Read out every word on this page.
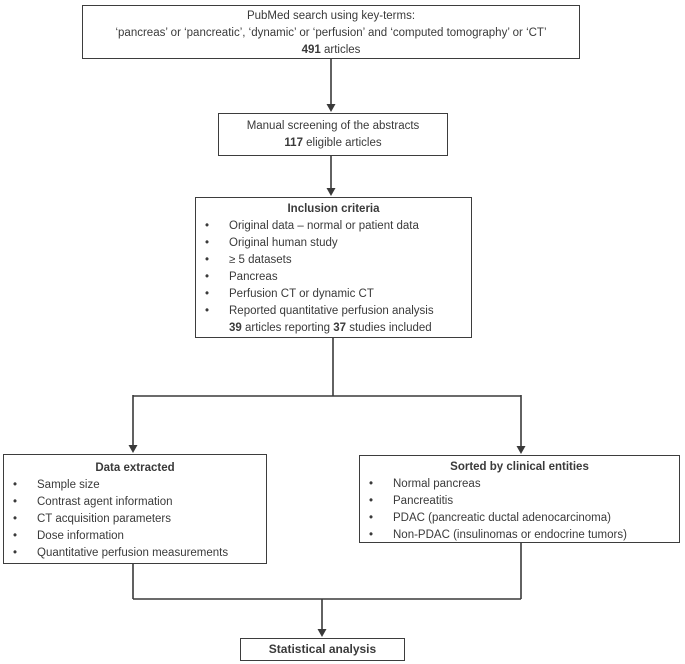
PubMed search using key-terms:
‘pancreas’ or ‘pancreatic’, ‘dynamic’ or ‘perfusion’ and ‘computed tomography’ or ‘CT’
491 articles
Manual screening of the abstracts
117 eligible articles
Inclusion criteria
•	Original data – normal or patient data
•	Original human study
•	≥ 5 datasets
•	Pancreas
•	Perfusion CT or dynamic CT
•	Reported quantitative perfusion analysis
39 articles reporting 37 studies included
Data extracted
•	Sample size
•	Contrast agent information
•	CT acquisition parameters
•	Dose information
•	Quantitative perfusion measurements
Sorted by clinical entities
•	Normal pancreas
•	Pancreatitis
•	PDAC (pancreatic ductal adenocarcinoma)
•	Non-PDAC (insulinomas or endocrine tumors)
Statistical analysis
